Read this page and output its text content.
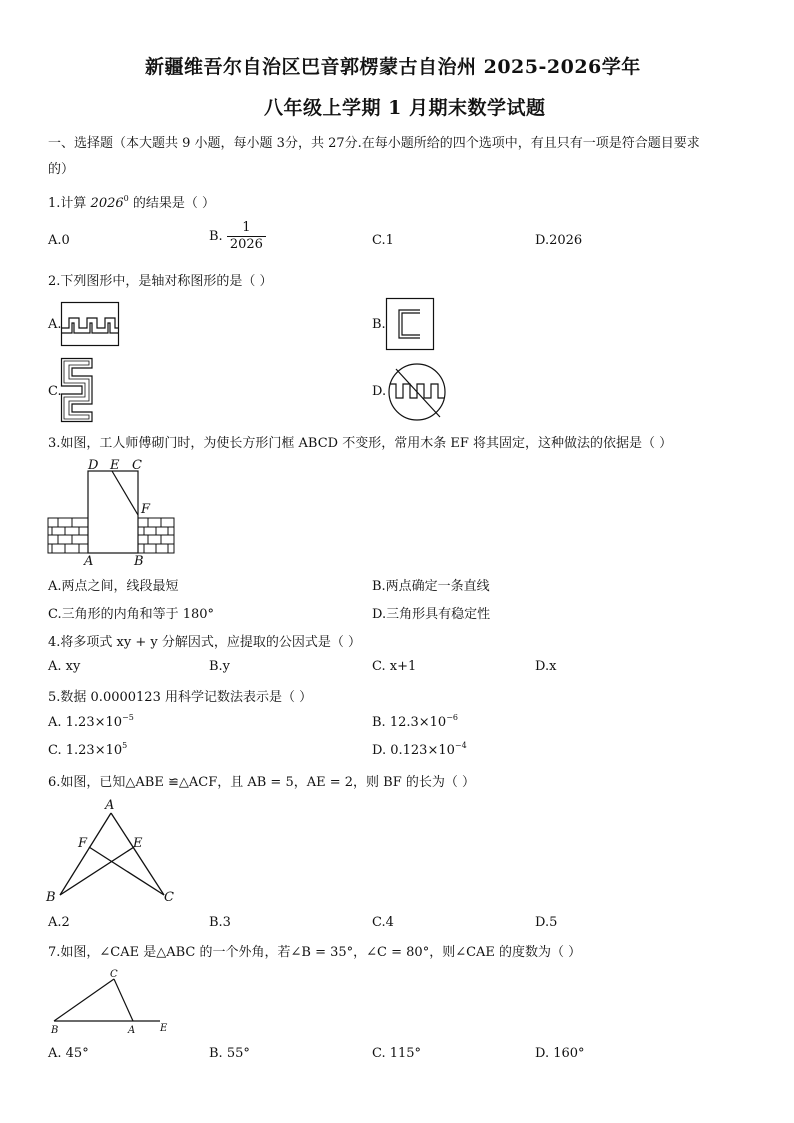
新疆维吾尔自治区巴音郭楞蒙古自治州 2025-2026学年
八年级上学期 1 月期末数学试题
一、选择题（本大题共 9 小题，每小题 3分，共 27分.在每小题所给的四个选项中，有且只有一项是符合题目要求
的）
1.计算 2026$^0$ 的结果是（ ）
A.0	B. $\frac{1}{2026}$	C.1	D.2026
2.下列图形中，是轴对称图形的是（ ）
A.	B.
C.	D.
3.如图，工人师傅砌门时，为使长方形门框 ABCD 不变形，常用木条 EF 将其固定，这种做法的依据是（ ）
D E C
F
A	B
A.两点之间，线段最短	B.两点确定一条直线
C.三角形的内角和等于 180°	D.三角形具有稳定性
4.将多项式 xy + y 分解因式，应提取的公因式是（ ）
A. xy	B.y	C. x+1	D.x
5.数据 0.0000123 用科学记数法表示是（ ）
A. $1.23\times 10^{-5}$	B. $12.3\times 10^{-6}$
C. $1.23\times 10^5$	D. $0.123\times 10^{-4}$
6.如图，已知△ABE ≌△ACF，且 AB = 5，AE = 2，则 BF 的长为（ ）
A
F	E
B	C
A.2	B.3	C.4	D.5
7.如图，∠CAE 是△ABC 的一个外角，若∠B = 35°，∠C = 80°，则∠CAE 的度数为（ ）
C
B	A E
A. 45°	B. 55°	C. 115°	D. 160°
